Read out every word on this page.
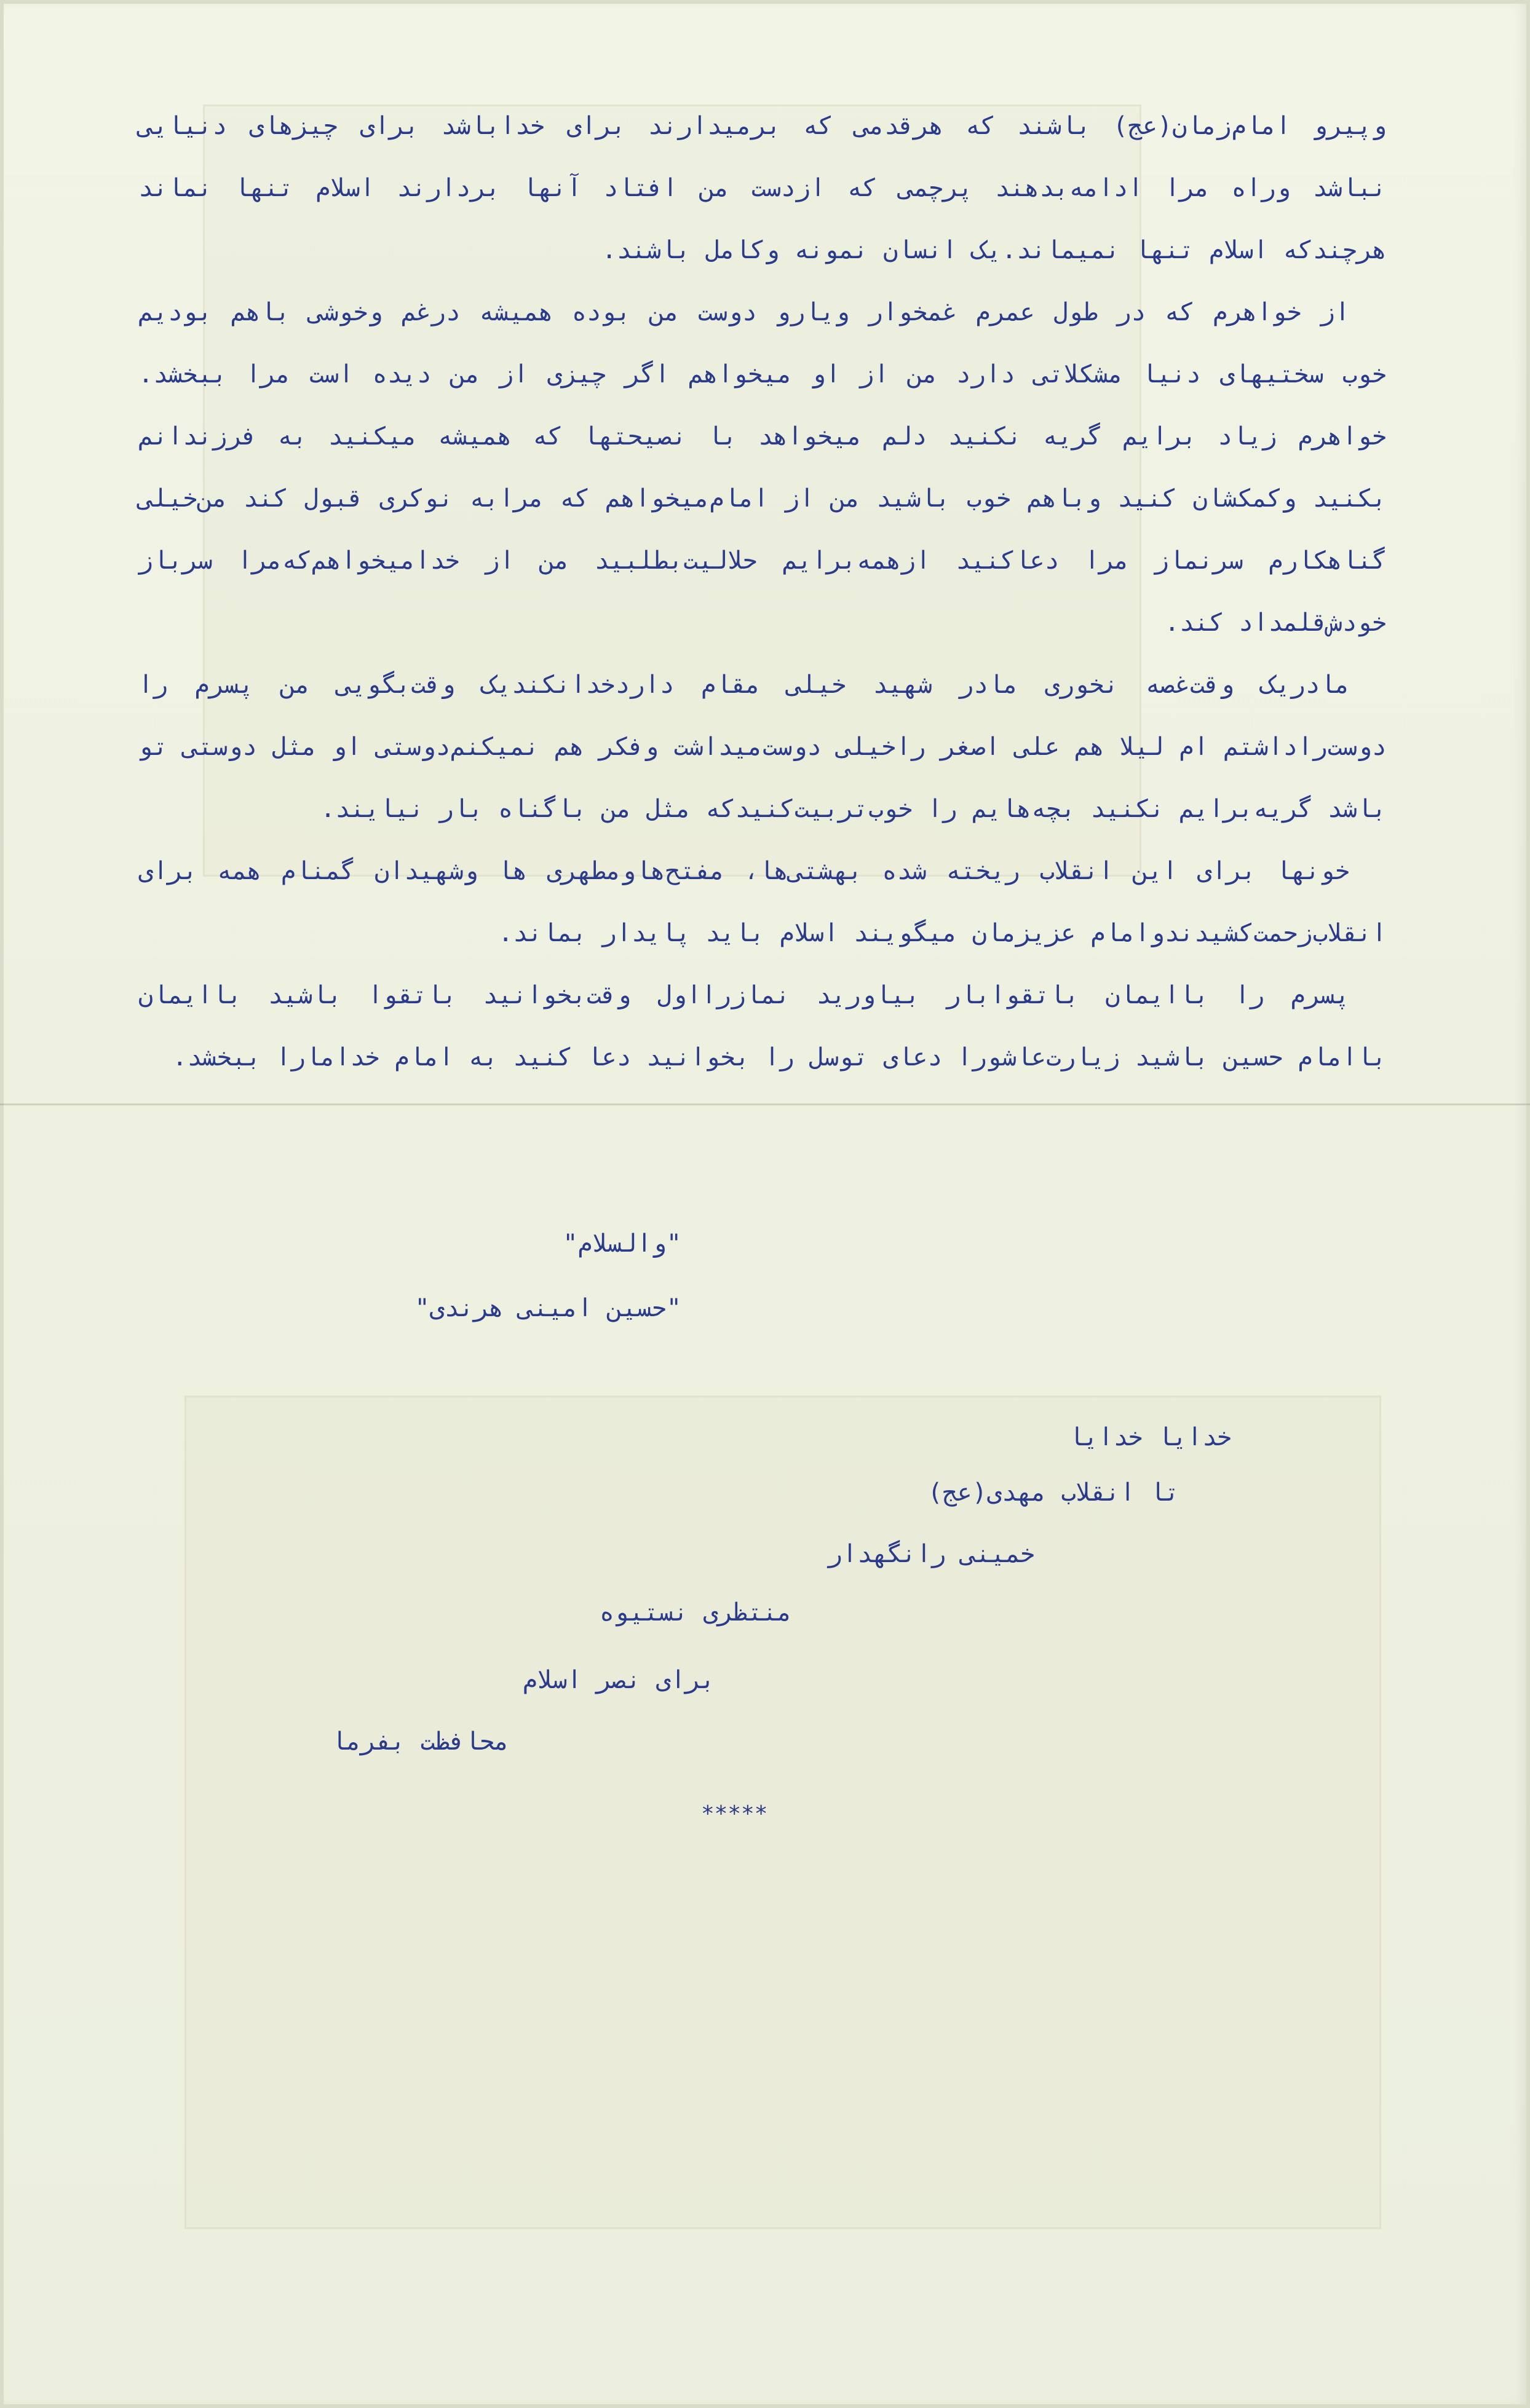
وپیرو امام‌زمان(عج) باشند که هرقدمی که برمیدارند برای خداباشد برای چیزهای دنیایی نباشد وراه مرا ادامه‌بدهند پرچمی که ازدست من افتاد آنها بردارند اسلام تنها نماند هرچندکه اسلام تنها نمیماند.یک انسان نمونه وکامل باشند.

از خواهرم که در طول عمرم غمخوار ویارو دوست من بوده همیشه درغم وخوشی باهم بودیم خوب سختیهای دنیا مشکلاتی دارد من از او میخواهم اگر چیزی از من دیده است مرا ببخشد. خواهرم زیاد برایم گریه نکنید دلم میخواهد با نصیحتها که همیشه میکنید به فرزندانم بکنید وکمکشان کنید وباهم خوب باشید من از امام‌میخواهم که مرابه نوکری قبول کند من‌خیلی گناهکارم سرنماز مرا دعاکنید ازهمه‌برایم حلالیت‌بطلبید من از خدامیخواهم‌که‌مرا سرباز خودش‌قلمداد کند.

مادریک وقت‌غصه نخوری مادر شهید خیلی مقام داردخدانکندیک وقت‌بگویی من پسرم را دوست‌راداشتم ام لیلا هم علی اصغر راخیلی دوست‌میداشت وفکر هم نمیکنم‌دوستی او مثل دوستی تو باشد گریه‌برایم نکنید بچه‌هایم را خوب‌تربیت‌کنیدکه مثل من باگناه بار نیایند.

خونها برای این انقلاب ریخته شده بهشتی‌ها، مفتح‌هاومطهری ها وشهیدان گمنام همه برای انقلاب‌زحمت‌کشیدندوامام عزیزمان میگویند اسلام باید پایدار بماند.

پسرم را باایمان باتقوابار بیاورید نمازرااول وقت‌بخوانید باتقوا باشید باایمان باامام حسین باشید زیارت‌عاشورا دعای توسل را بخوانید دعا کنید به امام خدامارا ببخشد.

"والسلام"
"حسین امینی هرندی"
خدایا خدایا
تا انقلاب مهدی(عج)
خمینی رانگهدار
منتظری نستیوه
برای نصر اسلام
محافظت بفرما
*****
